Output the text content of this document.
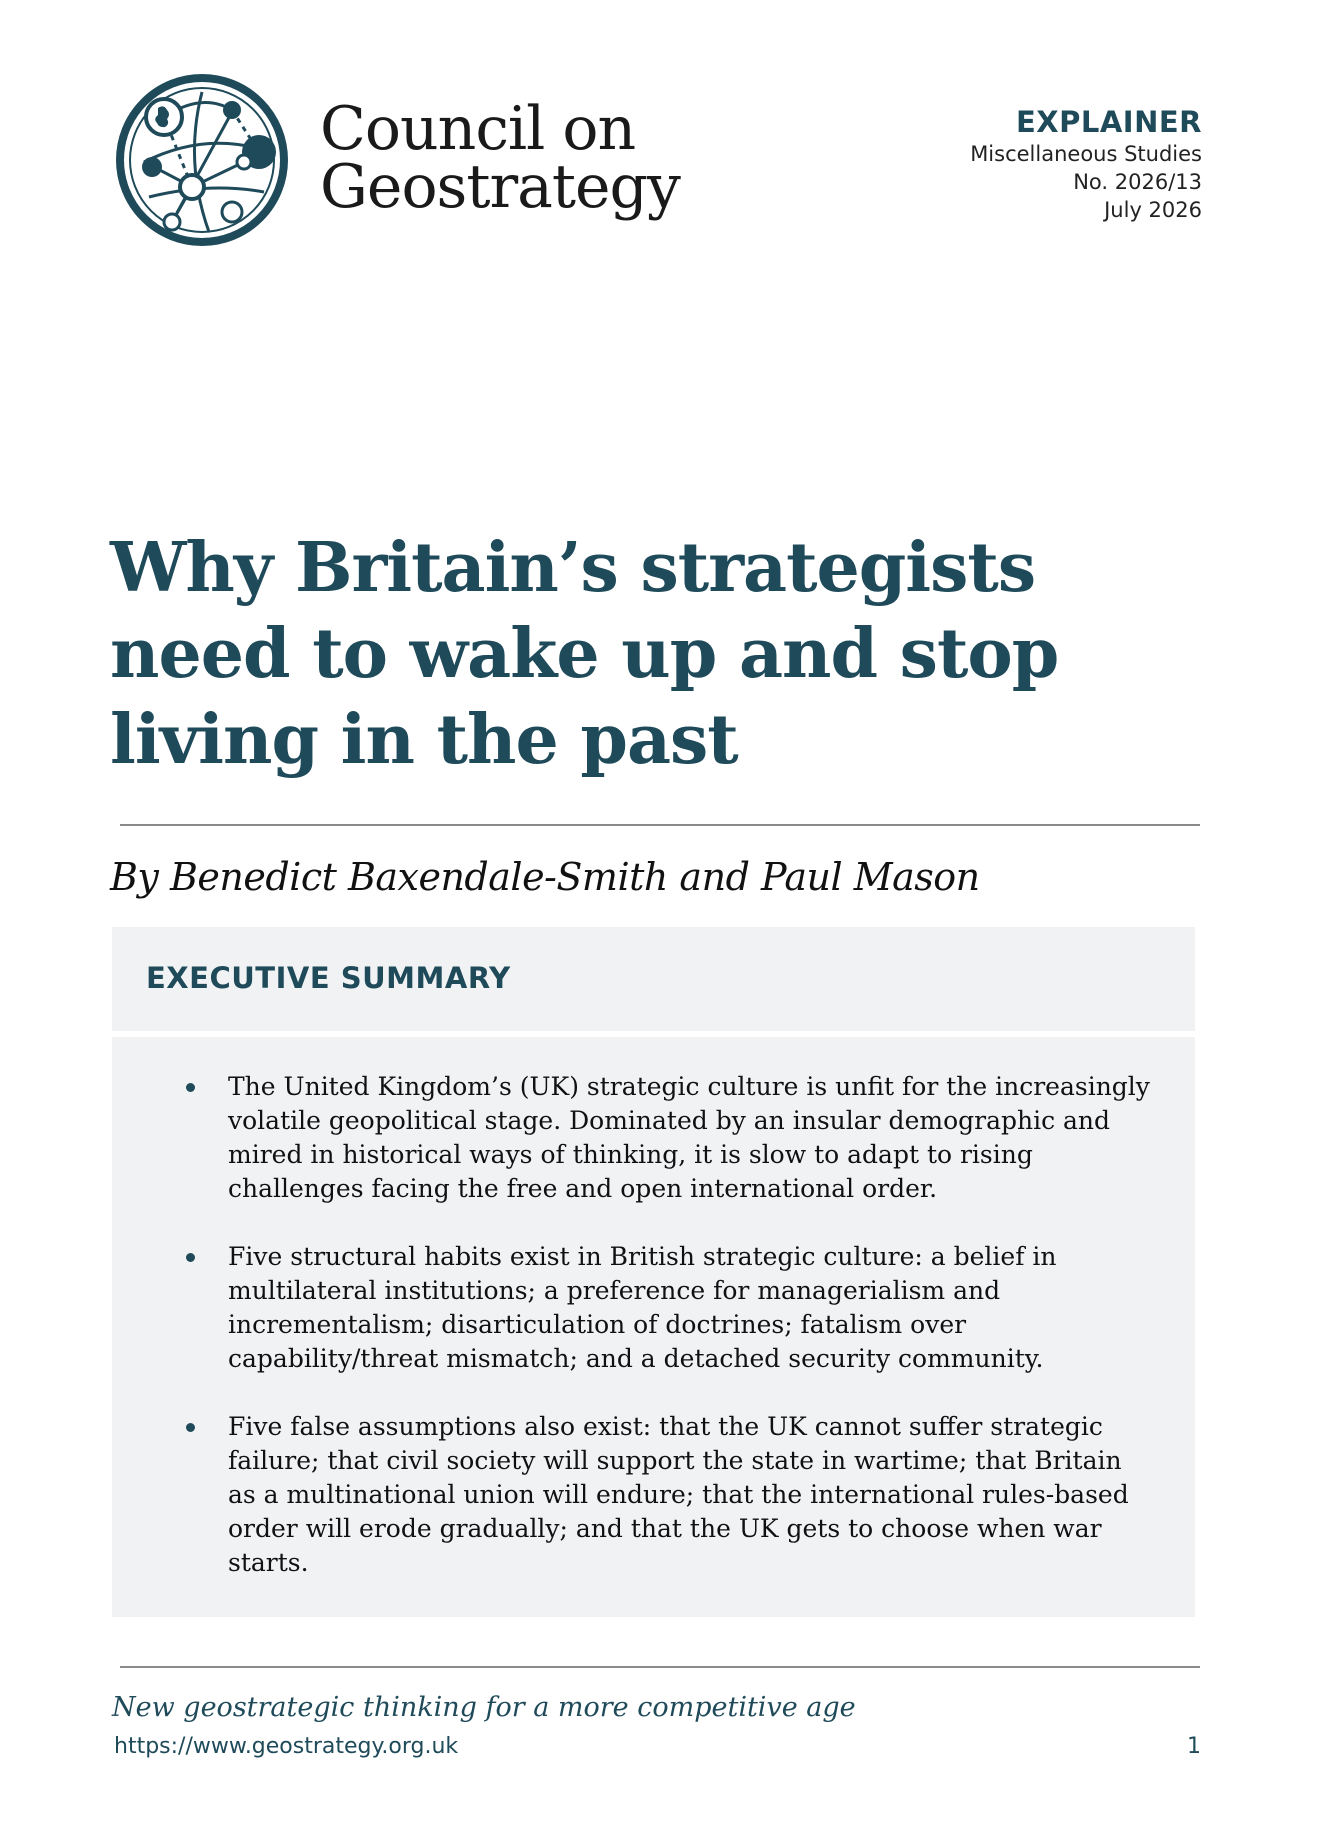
Council on
Geostrategy
EXPLAINER
Miscellaneous Studies
No. 2026/13
July 2026
Why Britain’s strategists need to wake up and stop living in the past
By Benedict Baxendale-Smith and Paul Mason
EXECUTIVE SUMMARY
The United Kingdom’s (UK) strategic culture is unfit for the increasingly volatile geopolitical stage. Dominated by an insular demographic and mired in historical ways of thinking, it is slow to adapt to rising challenges facing the free and open international order.
Five structural habits exist in British strategic culture: a belief in multilateral institutions; a preference for managerialism and incrementalism; disarticulation of doctrines; fatalism over capability/threat mismatch; and a detached security community.
Five false assumptions also exist: that the UK cannot suffer strategic failure; that civil society will support the state in wartime; that Britain as a multinational union will endure; that the international rules-based order will erode gradually; and that the UK gets to choose when war starts.
New geostrategic thinking for a more competitive age
https://www.geostrategy.org.uk	1
